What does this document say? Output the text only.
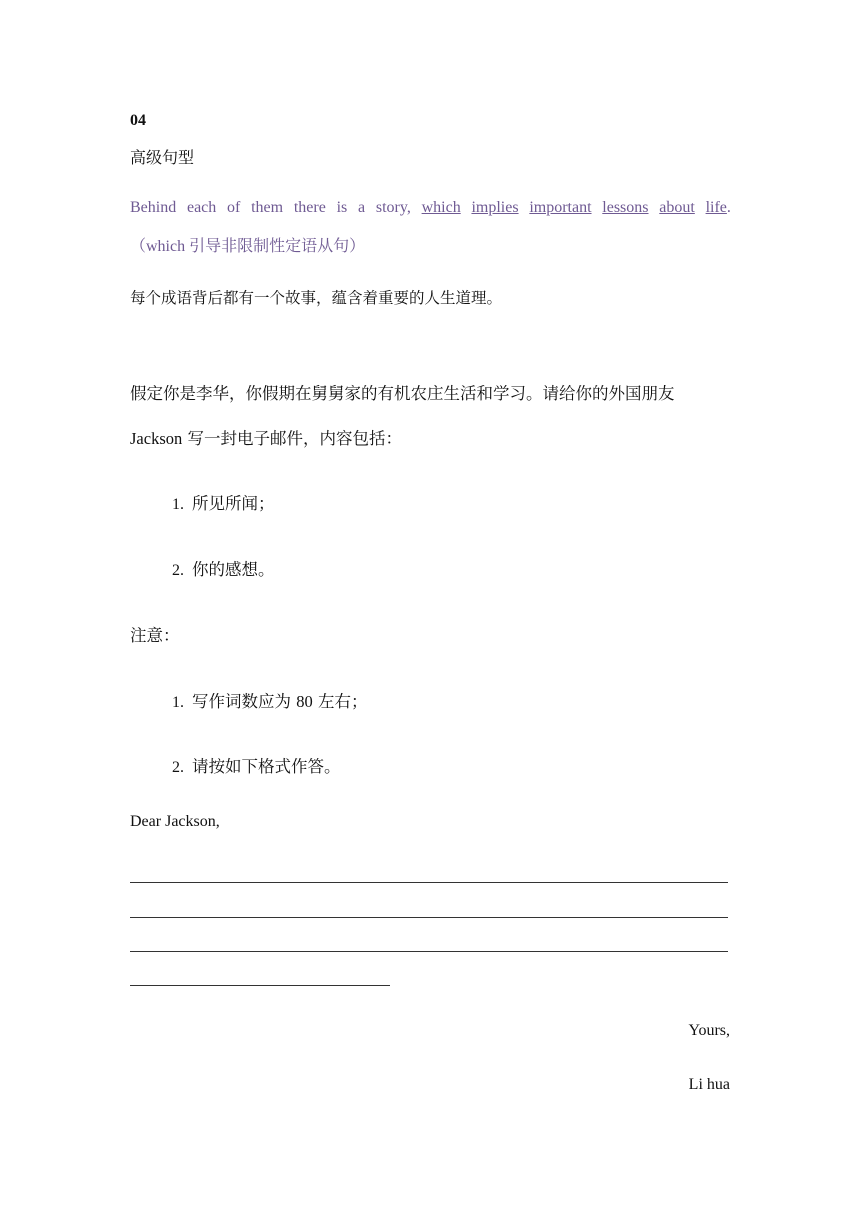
04
高级句型
Behind each of them there is a story, which implies important lessons about life.
（which 引导非限制性定语从句）
每个成语背后都有一个故事，蕴含着重要的人生道理。
假定你是李华，你假期在舅舅家的有机农庄生活和学习。请给你的外国朋友
Jackson 写一封电子邮件，内容包括：
1. 所见所闻；
2. 你的感想。
注意：
1. 写作词数应为 80 左右；
2. 请按如下格式作答。
Dear Jackson,
Yours,
Li hua
